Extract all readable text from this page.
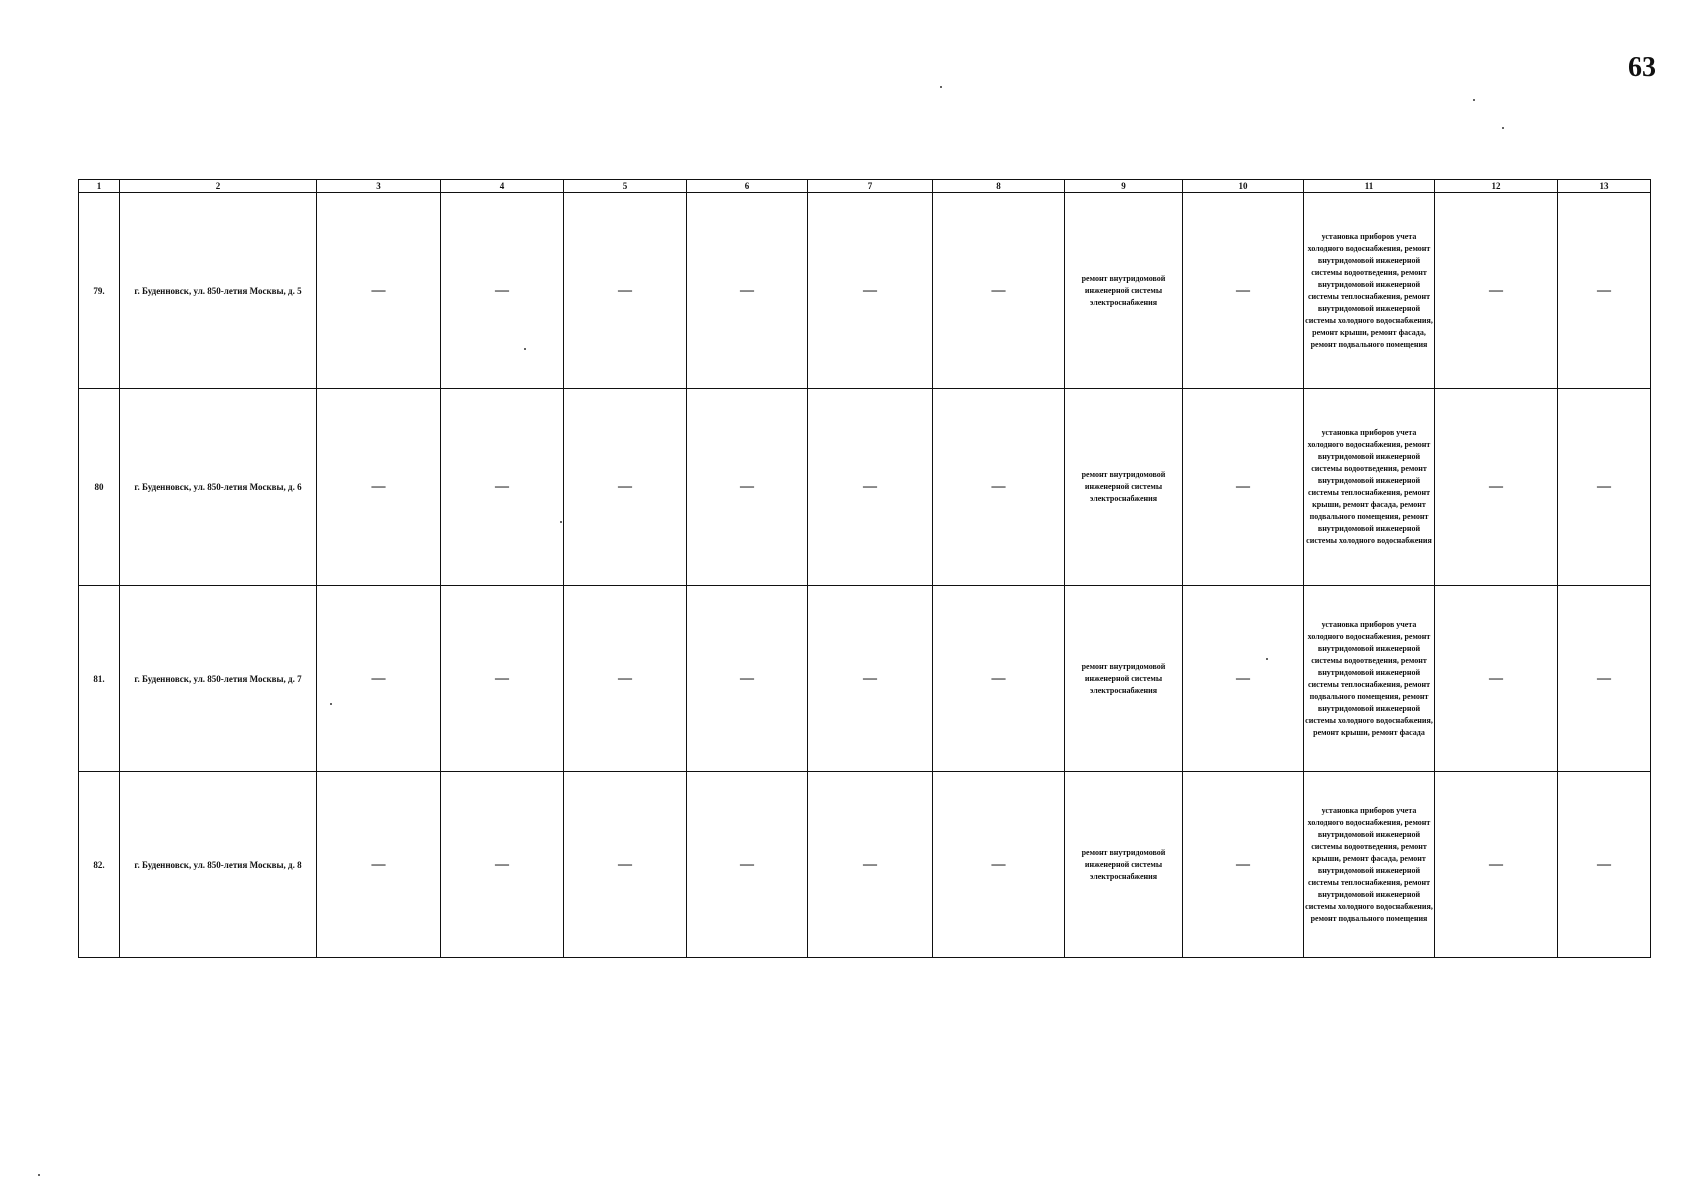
63
1	2	3	4	5	6	7	8	9	10	11	12	13
79.	г. Буденновск, ул. 850-летия Москвы, д. 5	—	—	—	—	—	—	ремонт внутридомовой инженерной системы электроснабжения	—	установка приборов учета холодного водоснабжения, ремонт внутридомовой инженерной системы водоотведения, ремонт внутридомовой инженерной системы теплоснабжения, ремонт внутридомовой инженерной системы холодного водоснабжения, ремонт крыши, ремонт фасада, ремонт подвального помещения	—	—
80	г. Буденновск, ул. 850-летия Москвы, д. 6	—	—	—	—	—	—	ремонт внутридомовой инженерной системы электроснабжения	—	установка приборов учета холодного водоснабжения, ремонт внутридомовой инженерной системы водоотведения, ремонт внутридомовой инженерной системы теплоснабжения, ремонт крыши, ремонт фасада, ремонт подвального помещения, ремонт внутридомовой инженерной системы холодного водоснабжения	—	—
81.	г. Буденновск, ул. 850-летия Москвы, д. 7	—	—	—	—	—	—	ремонт внутридомовой инженерной системы электроснабжения	—	установка приборов учета холодного водоснабжения, ремонт внутридомовой инженерной системы водоотведения, ремонт внутридомовой инженерной системы теплоснабжения, ремонт подвального помещения, ремонт внутридомовой инженерной системы холодного водоснабжения, ремонт крыши, ремонт фасада	—	—
82.	г. Буденновск, ул. 850-летия Москвы, д. 8	—	—	—	—	—	—	ремонт внутридомовой инженерной системы электроснабжения	—	установка приборов учета холодного водоснабжения, ремонт внутридомовой инженерной системы водоотведения, ремонт крыши, ремонт фасада, ремонт внутридомовой инженерной системы теплоснабжения, ремонт внутридомовой инженерной системы холодного водоснабжения, ремонт подвального помещения	—	—
